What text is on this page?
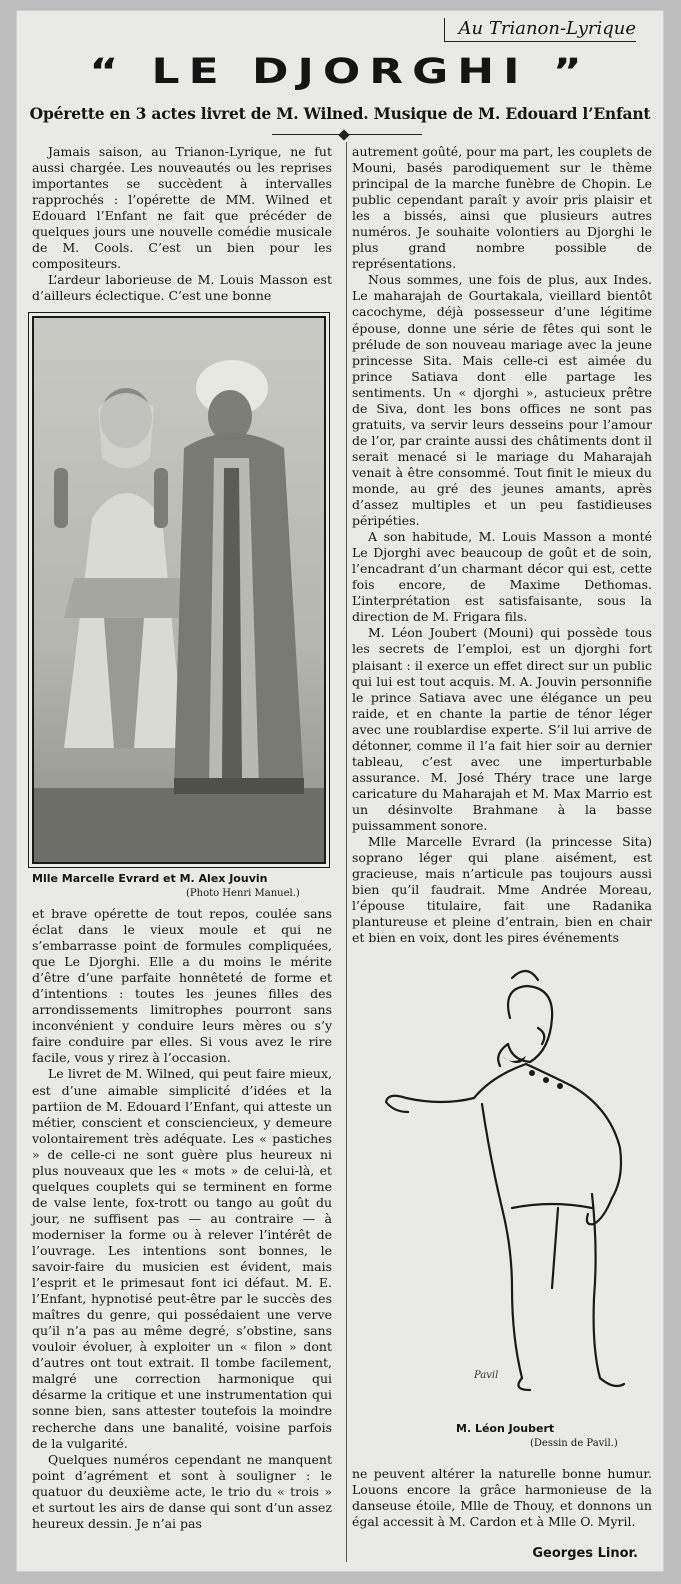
Au Trianon-Lyrique
“ LE DJORGHI ”
Opérette en 3 actes livret de M. Wilned. Musique de M. Edouard l’Enfant

Jamais saison, au Trianon-Lyrique, ne fut aussi chargée. Les nouveautés ou les reprises importantes se succèdent à intervalles rapprochés : l’opérette de MM. Wilned et Edouard l’Enfant ne fait que précéder de quelques jours une nouvelle comédie musicale de M. Cools. C’est un bien pour les compositeurs.

L’ardeur laborieuse de M. Louis Masson est d’ailleurs éclectique. C’est une bonne

Mlle Marcelle Evrard et M. Alex Jouvin
(Photo Henri Manuel.)

et brave opérette de tout repos, coulée sans éclat dans le vieux moule et qui ne s’embarrasse point de formules compliquées, que Le Djorghi. Elle a du moins le mérite d’être d’une parfaite honnêteté de forme et d’intentions : toutes les jeunes filles des arrondissements limitrophes pourront sans inconvénient y conduire leurs mères ou s’y faire conduire par elles. Si vous avez le rire facile, vous y rirez à l’occasion.

Le livret de M. Wilned, qui peut faire mieux, est d’une aimable simplicité d’idées et la partiion de M. Edouard l’Enfant, qui atteste un métier, conscient et consciencieux, y demeure volontairement très adéquate. Les « pastiches » de celle-ci ne sont guère plus heureux ni plus nouveaux que les « mots » de celui-là, et quelques couplets qui se terminent en forme de valse lente, fox-trott ou tango au goût du jour, ne suffisent pas — au contraire — à moderniser la forme ou à relever l’intérêt de l’ouvrage. Les intentions sont bonnes, le savoir-faire du musicien est évident, mais l’esprit et le primesaut font ici défaut. M. E. l’Enfant, hypnotisé peut-être par le succès des maîtres du genre, qui possédaient une verve qu’il n’a pas au même degré, s’obstine, sans vouloir évoluer, à exploiter un « filon » dont d’autres ont tout extrait. Il tombe facilement, malgré une correction harmonique qui désarme la critique et une instrumentation qui sonne bien, sans attester toutefois la moindre recherche dans une banalité, voisine parfois de la vulgarité.

Quelques numéros cependant ne manquent point d’agrément et sont à souligner : le quatuor du deuxième acte, le trio du « trois » et surtout les airs de danse qui sont d’un assez heureux dessin. Je n’ai pas

autrement goûté, pour ma part, les couplets de Mouni, basés parodiquement sur le thème principal de la marche funèbre de Chopin. Le public cependant paraît y avoir pris plaisir et les a bissés, ainsi que plusieurs autres numéros. Je souhaite volontiers au Djorghi le plus grand nombre possible de représentations.

Nous sommes, une fois de plus, aux Indes. Le maharajah de Gourtakala, vieillard bientôt cacochyme, déjà possesseur d’une légitime épouse, donne une série de fêtes qui sont le prélude de son nouveau mariage avec la jeune princesse Sita. Mais celle-ci est aimée du prince Satiava dont elle partage les sentiments. Un « djorghi », astucieux prêtre de Siva, dont les bons offices ne sont pas gratuits, va servir leurs desseins pour l’amour de l’or, par crainte aussi des châtiments dont il serait menacé si le mariage du Maharajah venait à être consommé. Tout finit le mieux du monde, au gré des jeunes amants, après d’assez multiples et un peu fastidieuses péripéties.

A son habitude, M. Louis Masson a monté Le Djorghi avec beaucoup de goût et de soin, l’encadrant d’un charmant décor qui est, cette fois encore, de Maxime Dethomas. L’interprétation est satisfaisante, sous la direction de M. Frigara fils.

M. Léon Joubert (Mouni) qui possède tous les secrets de l’emploi, est un djorghi fort plaisant : il exerce un effet direct sur un public qui lui est tout acquis. M. A. Jouvin personnifie le prince Satiava avec une élégance un peu raide, et en chante la partie de ténor léger avec une roublardise experte. S’il lui arrive de détonner, comme il l’a fait hier soir au dernier tableau, c’est avec une imperturbable assurance. M. José Théry trace une large caricature du Maharajah et M. Max Marrio est un désinvolte Brahmane à la basse puissamment sonore.

Mlle Marcelle Evrard (la princesse Sita) soprano léger qui plane aisément, est gracieuse, mais n’articule pas toujours aussi bien qu’il faudrait. Mme Andrée Moreau, l’épouse titulaire, fait une Radanika plantureuse et pleine d’entrain, bien en chair et bien en voix, dont les pires événements

Pavil
M. Léon Joubert
(Dessin de Pavil.)

ne peuvent altérer la naturelle bonne humur. Louons encore la grâce harmonieuse de la danseuse étoile, Mlle de Thouy, et donnons un égal accessit à M. Cardon et à Mlle O. Myril.

Georges Linor.
